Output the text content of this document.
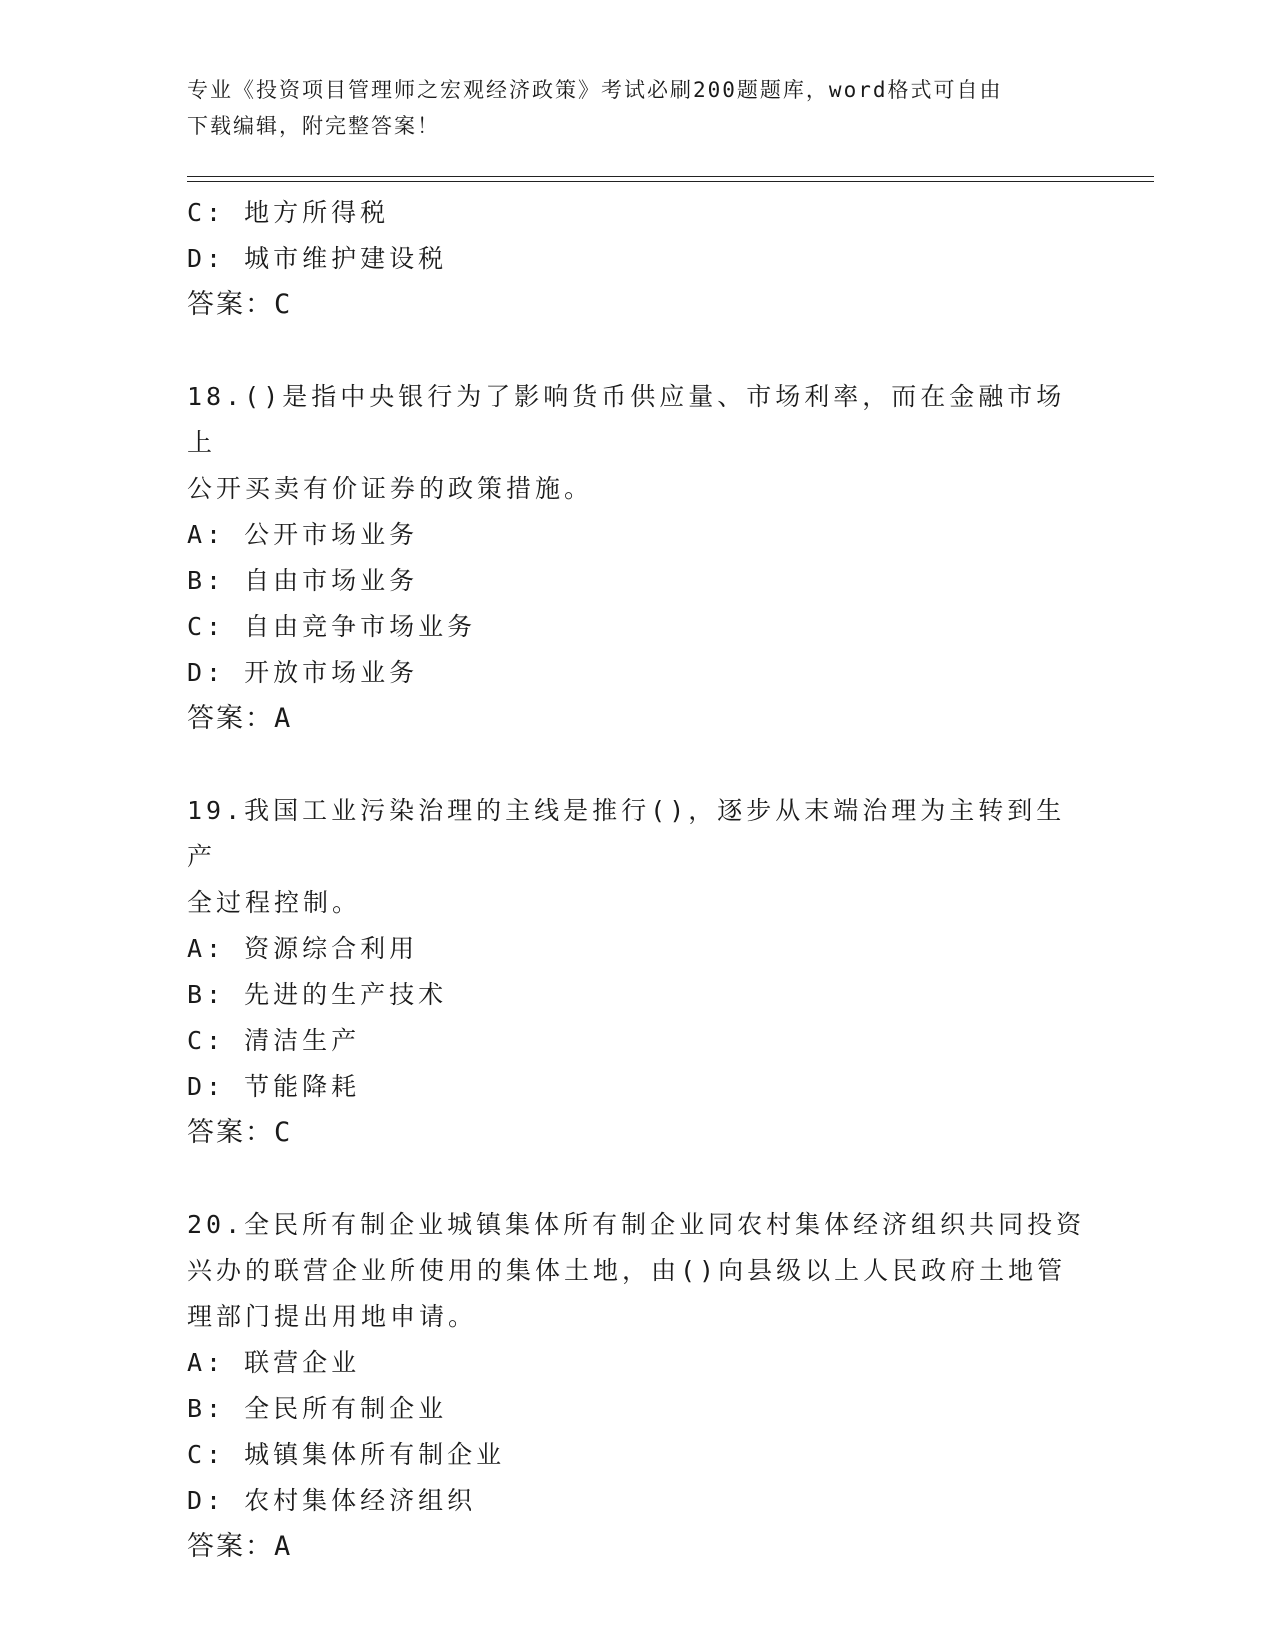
专业《投资项目管理师之宏观经济政策》考试必刷200题题库，word格式可自由
下载编辑，附完整答案！
C: 地方所得税
D: 城市维护建设税
答案：C
18.()是指中央银行为了影响货币供应量、市场利率，而在金融市场上
公开买卖有价证券的政策措施。
A: 公开市场业务
B: 自由市场业务
C: 自由竞争市场业务
D: 开放市场业务
答案：A
19.我国工业污染治理的主线是推行()，逐步从末端治理为主转到生产
全过程控制。
A: 资源综合利用
B: 先进的生产技术
C: 清洁生产
D: 节能降耗
答案：C
20.全民所有制企业城镇集体所有制企业同农村集体经济组织共同投资
兴办的联营企业所使用的集体土地，由()向县级以上人民政府土地管
理部门提出用地申请。
A: 联营企业
B: 全民所有制企业
C: 城镇集体所有制企业
D: 农村集体经济组织
答案：A
